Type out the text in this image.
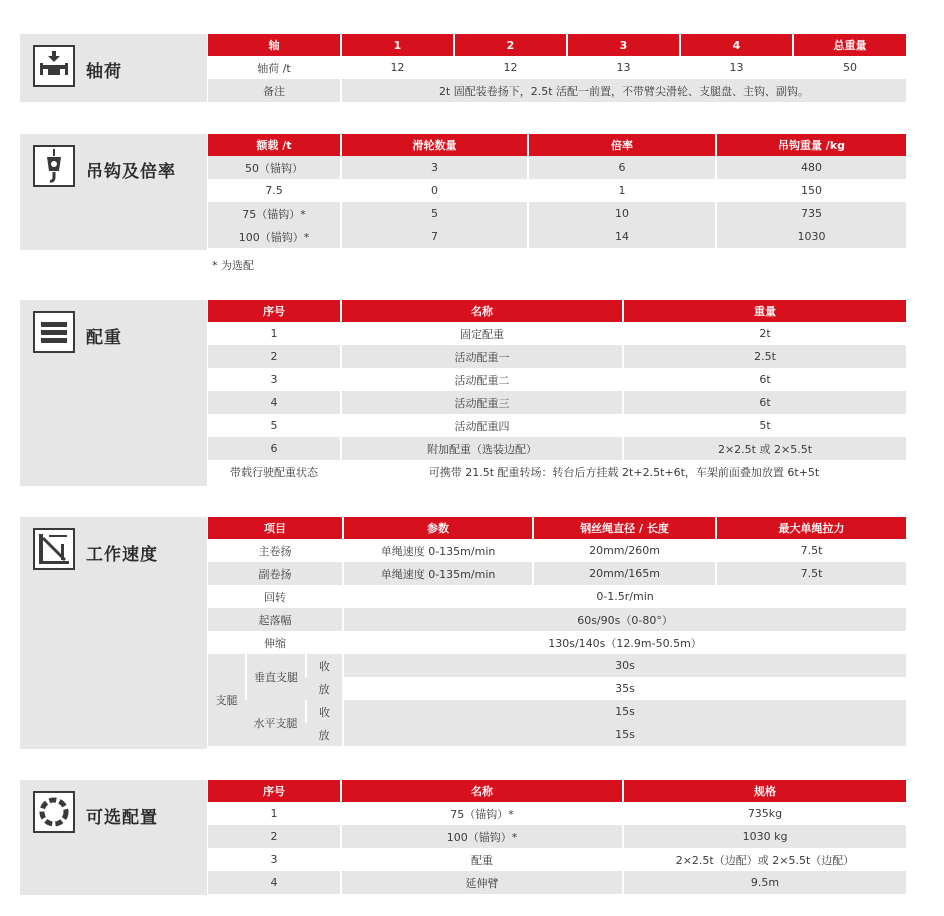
轴荷
轴	1	2	3	4	总重量
轴荷 /t	12	12	13	13	50
备注	2t 固配装卷扬下，2.5t 活配一前置，不带臂尖滑轮、支腿盘、主钩、副钩。				
吊钩及倍率
额载 /t	滑轮数量	倍率	吊钩重量 /kg
50（锚钩）	3	6	480
7.5	0	1	150
75（锚钩）*	5	10	735
100（锚钩）*	7	14	1030
* 为选配
配重
序号	名称	重量
1	固定配重	2t
2	活动配重一	2.5t
3	活动配重二	6t
4	活动配重三	6t
5	活动配重四	5t
6	附加配重（选装边配）	2×2.5t 或 2×5.5t
带载行驶配重状态	可携带 21.5t 配重转场：转台后方挂载 2t+2.5t+6t，车架前面叠加放置 6t+5t	
工作速度
项目			参数	钢丝绳直径 / 长度	最大单绳拉力
主卷扬			单绳速度 0-135m/min	20mm/260m	7.5t
副卷扬			单绳速度 0-135m/min	20mm/165m	7.5t
回转			0-1.5r/min		
起落幅			60s/90s（0-80°）		
伸缩			130s/140s（12.9m-50.5m）		
支腿	垂直支腿	收	30s		
		放	35s		
	水平支腿	收	15s		
		放	15s		
可选配置
序号	名称	规格
1	75（锚钩）*	735kg
2	100（锚钩）*	1030 kg
3	配重	2×2.5t（边配）或 2×5.5t（边配）
4	延伸臂	9.5m
